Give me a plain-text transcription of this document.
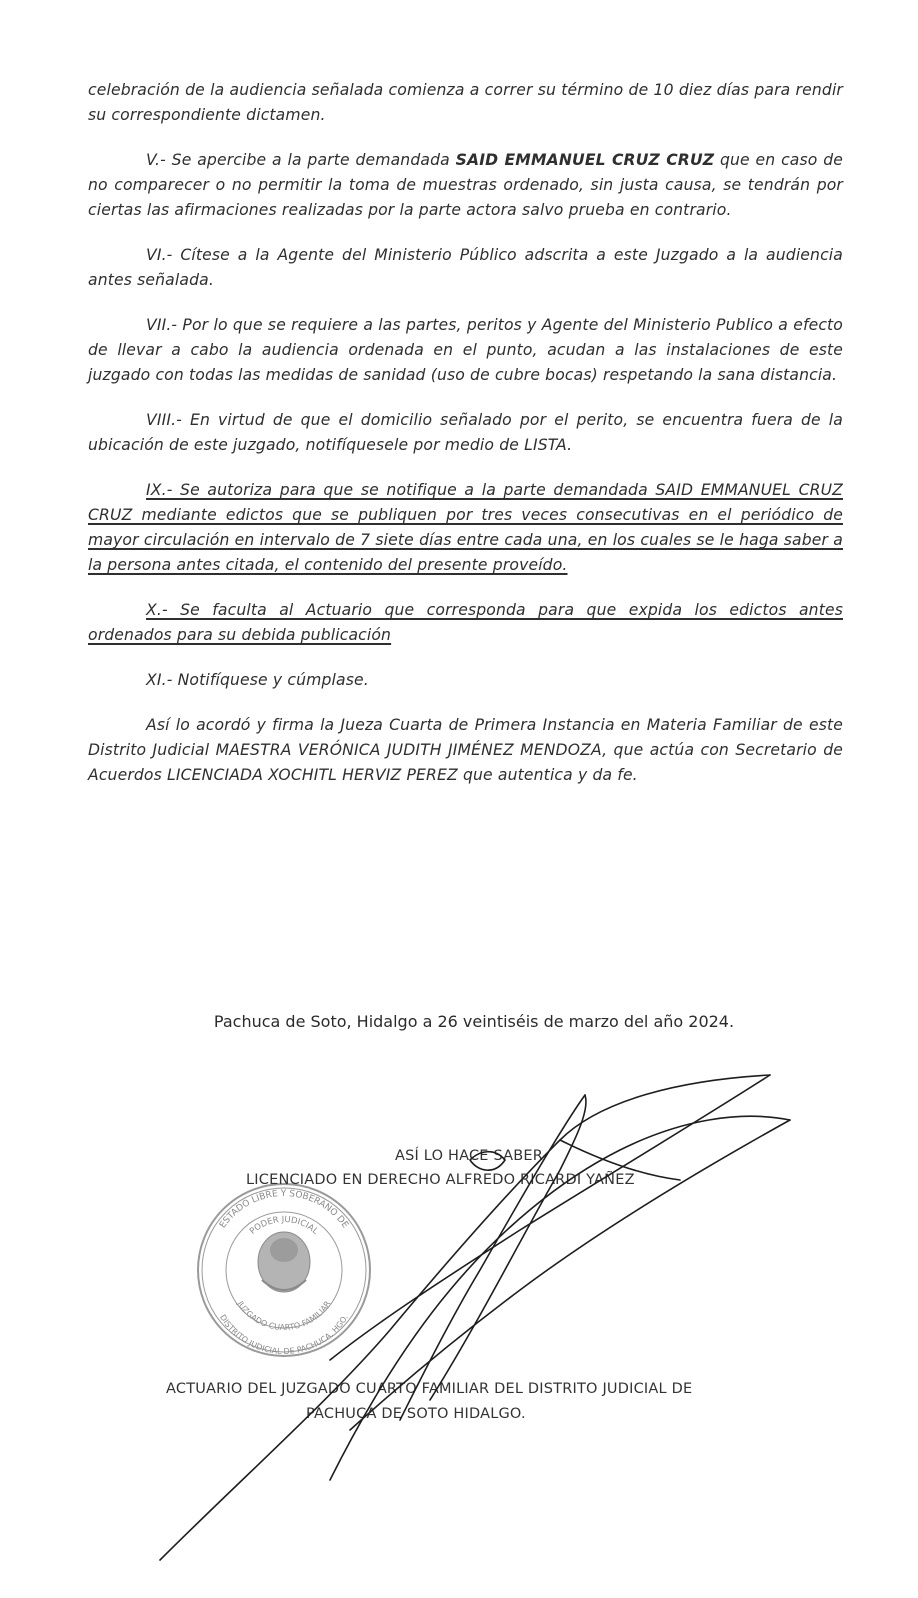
celebración de la audiencia señalada comienza a correr su término de 10 diez días para rendir su correspondiente dictamen.

V.- Se apercibe a la parte demandada SAID EMMANUEL CRUZ CRUZ que en caso de no comparecer o no permitir la toma de muestras ordenado, sin justa causa, se tendrán por ciertas las afirmaciones realizadas por la parte actora salvo prueba en contrario.

VI.- Cítese a la Agente del Ministerio Público adscrita a este Juzgado a la audiencia antes señalada.

VII.- Por lo que se requiere a las partes, peritos y Agente del Ministerio Publico a efecto de llevar a cabo la audiencia ordenada en el punto, acudan a las instalaciones de este juzgado con todas las medidas de sanidad (uso de cubre bocas) respetando la sana distancia.

VIII.- En virtud de que el domicilio señalado por el perito, se encuentra fuera de la ubicación de este juzgado, notifíquesele por medio de LISTA.

IX.- Se autoriza para que se notifique a la parte demandada SAID EMMANUEL CRUZ CRUZ mediante edictos que se publiquen por tres veces consecutivas en el periódico de mayor circulación en intervalo de 7 siete días entre cada una, en los cuales se le haga saber a la persona antes citada, el contenido del presente proveído.

X.- Se faculta al Actuario que corresponda para que expida los edictos antes ordenados para su debida publicación

XI.- Notifíquese y cúmplase.

Así lo acordó y firma la Jueza Cuarta de Primera Instancia en Materia Familiar de este Distrito Judicial MAESTRA VERÓNICA JUDITH JIMÉNEZ MENDOZA, que actúa con Secretario de Acuerdos LICENCIADA XOCHITL HERVIZ PEREZ que autentica y da fe.

Pachuca de Soto, Hidalgo a 26 veintiséis de marzo del año 2024.
ESTADO LIBRE Y SOBERANO DE
PODER JUDICIAL
JUZGADO CUARTO FAMILIAR
DISTRITO JUDICIAL DE PACHUCA, HGO.
ASÍ LO HACE SABER
LICENCIADO EN DERECHO ALFREDO RICARDI YAÑEZ
ACTUARIO DEL JUZGADO CUARTO FAMILIAR DEL DISTRITO JUDICIAL DE
PACHUCA DE SOTO HIDALGO.
